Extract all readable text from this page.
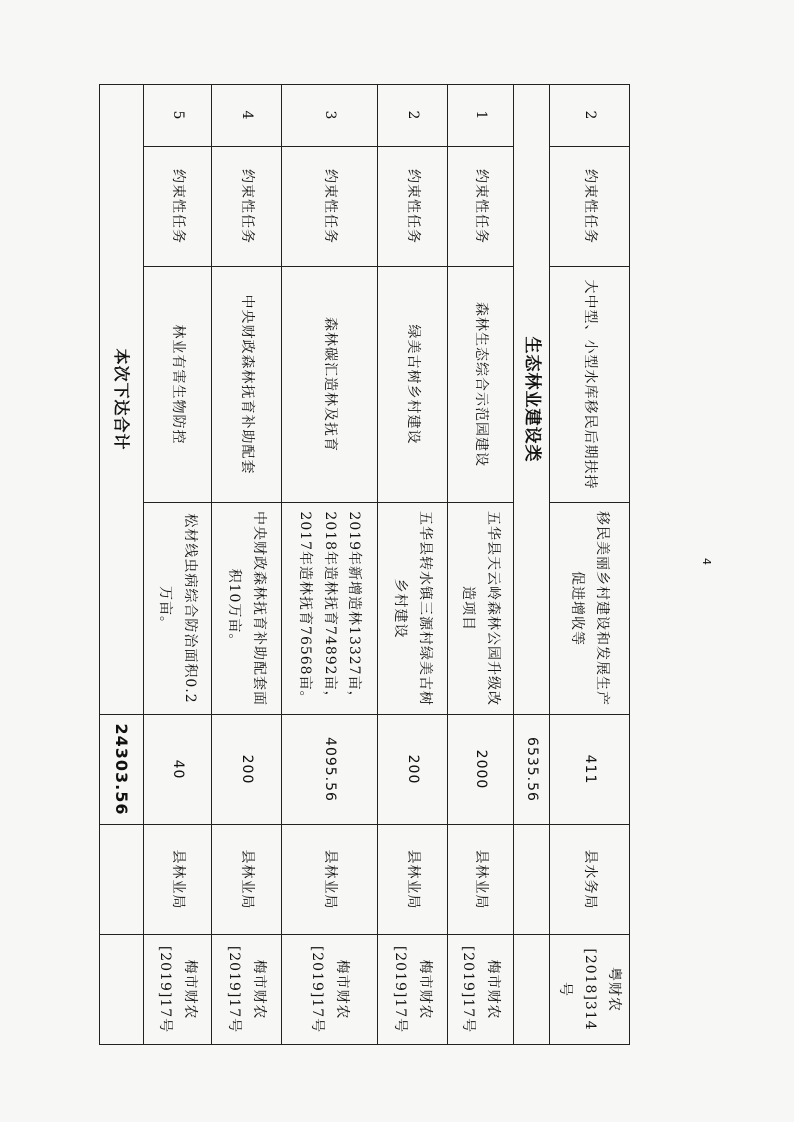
4
2	约束性任务	大中型、小型水库移民后期扶持	移民美丽乡村建设和发展生产促进增收等	411	县水务局	粤财农[2018]314号
生态林业建设类				6535.56		
1	约束性任务	森林生态综合示范园建设	五华县天云岭森林公园升级改造项目	2000	县林业局	梅市财农[2019]17号
2	约束性任务	绿美古树乡村建设	五华县转水镇三源村绿美古树乡村建设	200	县林业局	梅市财农[2019]17号
3	约束性任务	森林碳汇造林及抚育	2019年新增造林13327亩，2018年造林抚育74892亩，2017年造林抚育76568亩。	4095.56	县林业局	梅市财农[2019]17号
4	约束性任务	中央财政森林抚育补助配套	中央财政森林抚育补助配套面积10万亩。	200	县林业局	梅市财农[2019]17号
5	约束性任务	林业有害生物防控	松材线虫病综合防治面积0.2万亩。	40	县林业局	梅市财农[2019]17号
本次下达合计				24303.56		
